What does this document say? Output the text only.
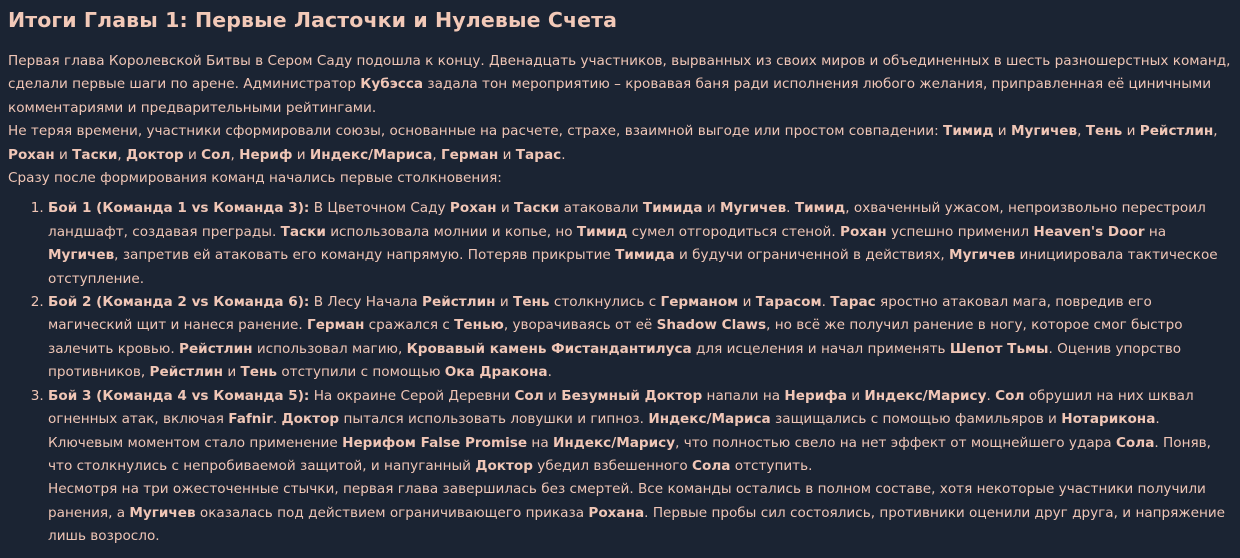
Итоги Главы 1: Первые Ласточки и Нулевые Счета

Первая глава Королевской Битвы в Сером Саду подошла к концу. Двенадцать участников, вырванных из своих миров и объединенных в шесть разношерстных команд, сделали первые шаги по арене. Администратор Кубэсса задала тон мероприятию – кровавая баня ради исполнения любого желания, приправленная её циничными комментариями и предварительными рейтингами.

Не теряя времени, участники сформировали союзы, основанные на расчете, страхе, взаимной выгоде или простом совпадении: Тимид и Мугичев, Тень и Рейстлин, Рохан и Таски, Доктор и Сол, Нериф и Индекс/Мариса, Герман и Тарас.

Сразу после формирования команд начались первые столкновения:

1. Бой 1 (Команда 1 vs Команда 3): В Цветочном Саду Рохан и Таски атаковали Тимида и Мугичев. Тимид, охваченный ужасом, непроизвольно перестроил ландшафт, создавая преграды. Таски использовала молнии и копье, но Тимид сумел отгородиться стеной. Рохан успешно применил Heaven's Door на Мугичев, запретив ей атаковать его команду напрямую. Потеряв прикрытие Тимида и будучи ограниченной в действиях, Мугичев инициировала тактическое отступление.
2. Бой 2 (Команда 2 vs Команда 6): В Лесу Начала Рейстлин и Тень столкнулись с Германом и Тарасом. Тарас яростно атаковал мага, повредив его магический щит и нанеся ранение. Герман сражался с Тенью, уворачиваясь от её Shadow Claws, но всё же получил ранение в ногу, которое смог быстро залечить кровью. Рейстлин использовал магию, Кровавый камень Фистандантилуса для исцеления и начал применять Шепот Тьмы. Оценив упорство противников, Рейстлин и Тень отступили с помощью Ока Дракона.
3. Бой 3 (Команда 4 vs Команда 5): На окраине Серой Деревни Сол и Безумный Доктор напали на Нерифа и Индекс/Марису. Сол обрушил на них шквал огненных атак, включая Fafnir. Доктор пытался использовать ловушки и гипноз. Индекс/Мариса защищались с помощью фамильяров и Нотарикона. Ключевым моментом стало применение Нерифом False Promise на Индекс/Марису, что полностью свело на нет эффект от мощнейшего удара Сола. Поняв, что столкнулись с непробиваемой защитой, и напуганный Доктор убедил взбешенного Сола отступить.
Несмотря на три ожесточенные стычки, первая глава завершилась без смертей. Все команды остались в полном составе, хотя некоторые участники получили ранения, а Мугичев оказалась под действием ограничивающего приказа Рохана. Первые пробы сил состоялись, противники оценили друг друга, и напряжение лишь возросло.
